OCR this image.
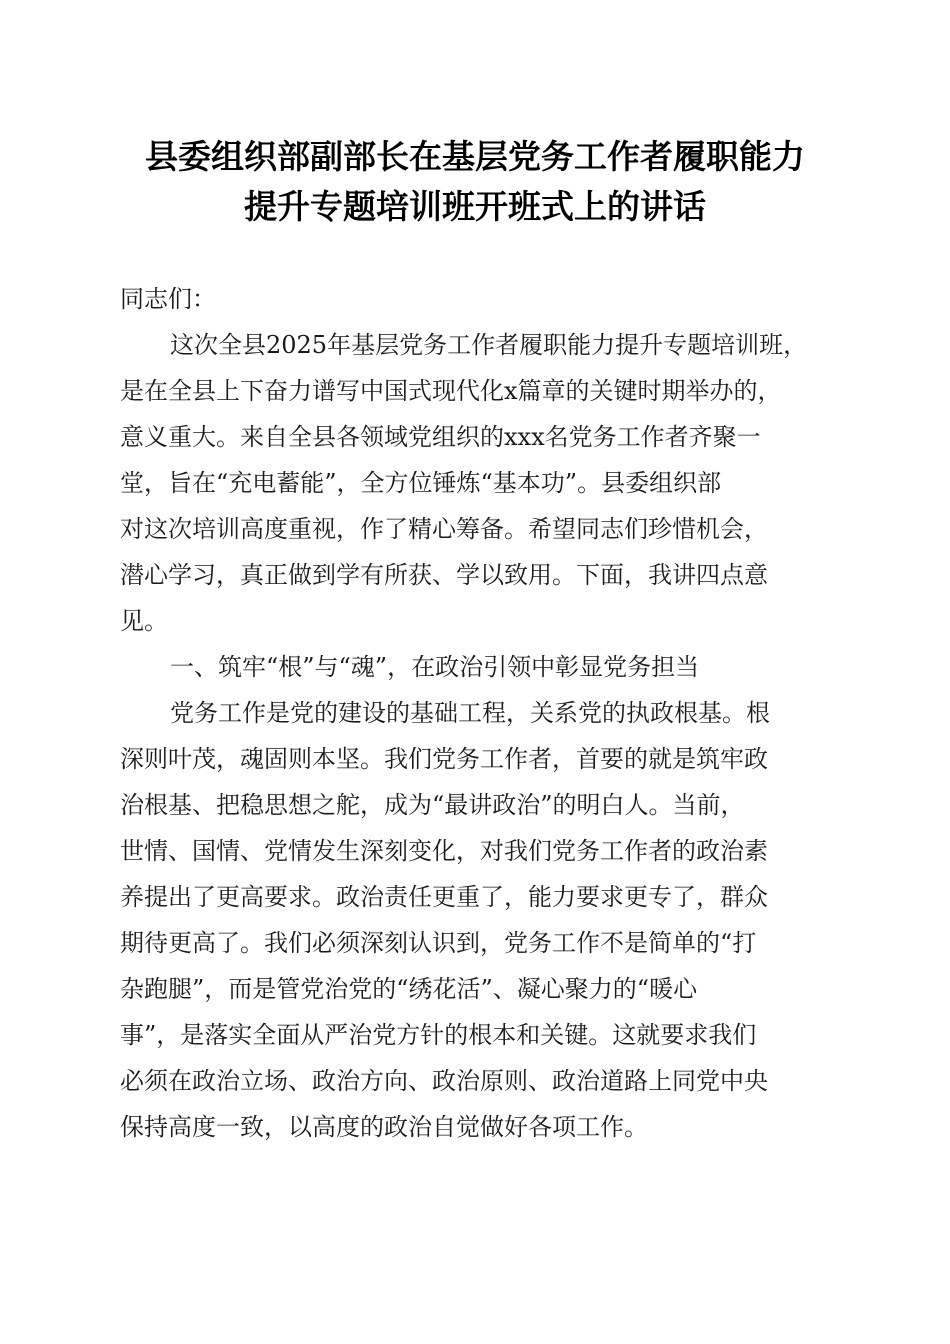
县委组织部副部长在基层党务工作者履职能力
提升专题培训班开班式上的讲话
同志们：
这次全县2025年基层党务工作者履职能力提升专题培训班，
是在全县上下奋力谱写中国式现代化x篇章的关键时期举办的，
意义重大。来自全县各领域党组织的xxx名党务工作者齐聚一
堂，旨在“充电蓄能”，全方位锤炼“基本功”。县委组织部
对这次培训高度重视，作了精心筹备。希望同志们珍惜机会，
潜心学习，真正做到学有所获、学以致用。下面，我讲四点意
见。
一、筑牢“根”与“魂”，在政治引领中彰显党务担当
党务工作是党的建设的基础工程，关系党的执政根基。根
深则叶茂，魂固则本坚。我们党务工作者，首要的就是筑牢政
治根基、把稳思想之舵，成为“最讲政治”的明白人。当前，
世情、国情、党情发生深刻变化，对我们党务工作者的政治素
养提出了更高要求。政治责任更重了，能力要求更专了，群众
期待更高了。我们必须深刻认识到，党务工作不是简单的“打
杂跑腿”，而是管党治党的“绣花活”、凝心聚力的“暖心
事”，是落实全面从严治党方针的根本和关键。这就要求我们
必须在政治立场、政治方向、政治原则、政治道路上同党中央
保持高度一致，以高度的政治自觉做好各项工作。
